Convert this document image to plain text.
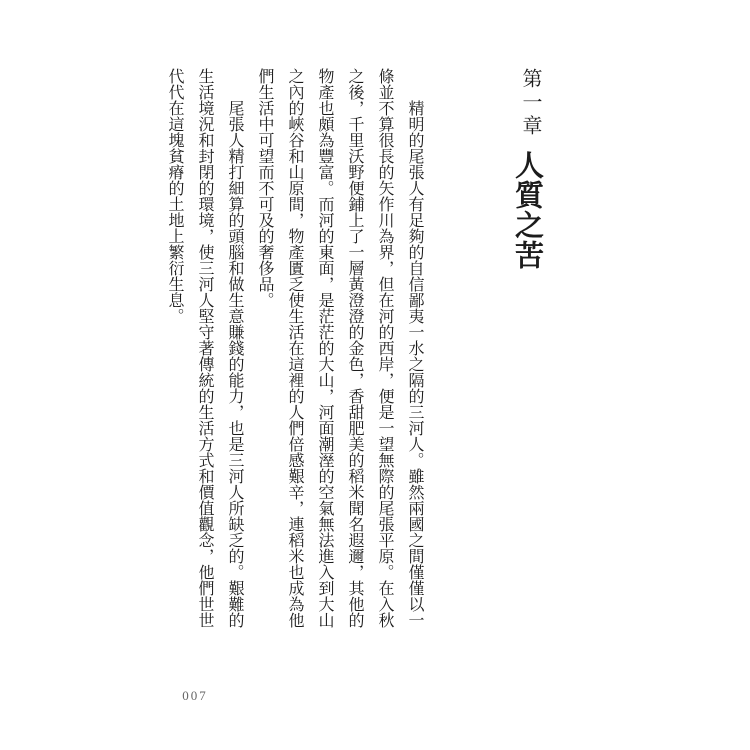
第一章
人質之苦

精明的尾張人有足夠的自信鄙夷一水之隔的三河人。雖然兩國之間僅僅以一條並不算很長的矢作川為界，但在河的西岸，便是一望無際的尾張平原。在入秋之後，千里沃野便鋪上了一層黃澄澄的金色，香甜肥美的稻米聞名遐邇，其他的物產也頗為豐富。而河的東面，是茫茫的大山，河面潮溼的空氣無法進入到大山之內的峽谷和山原間，物產匱乏使生活在這裡的人們倍感艱辛，連稻米也成為他們生活中可望而不可及的奢侈品。

尾張人精打細算的頭腦和做生意賺錢的能力，也是三河人所缺乏的。艱難的生活境況和封閉的環境，使三河人堅守著傳統的生活方式和價值觀念，他們世世代代在這塊貧瘠的土地上繁衍生息。

007
